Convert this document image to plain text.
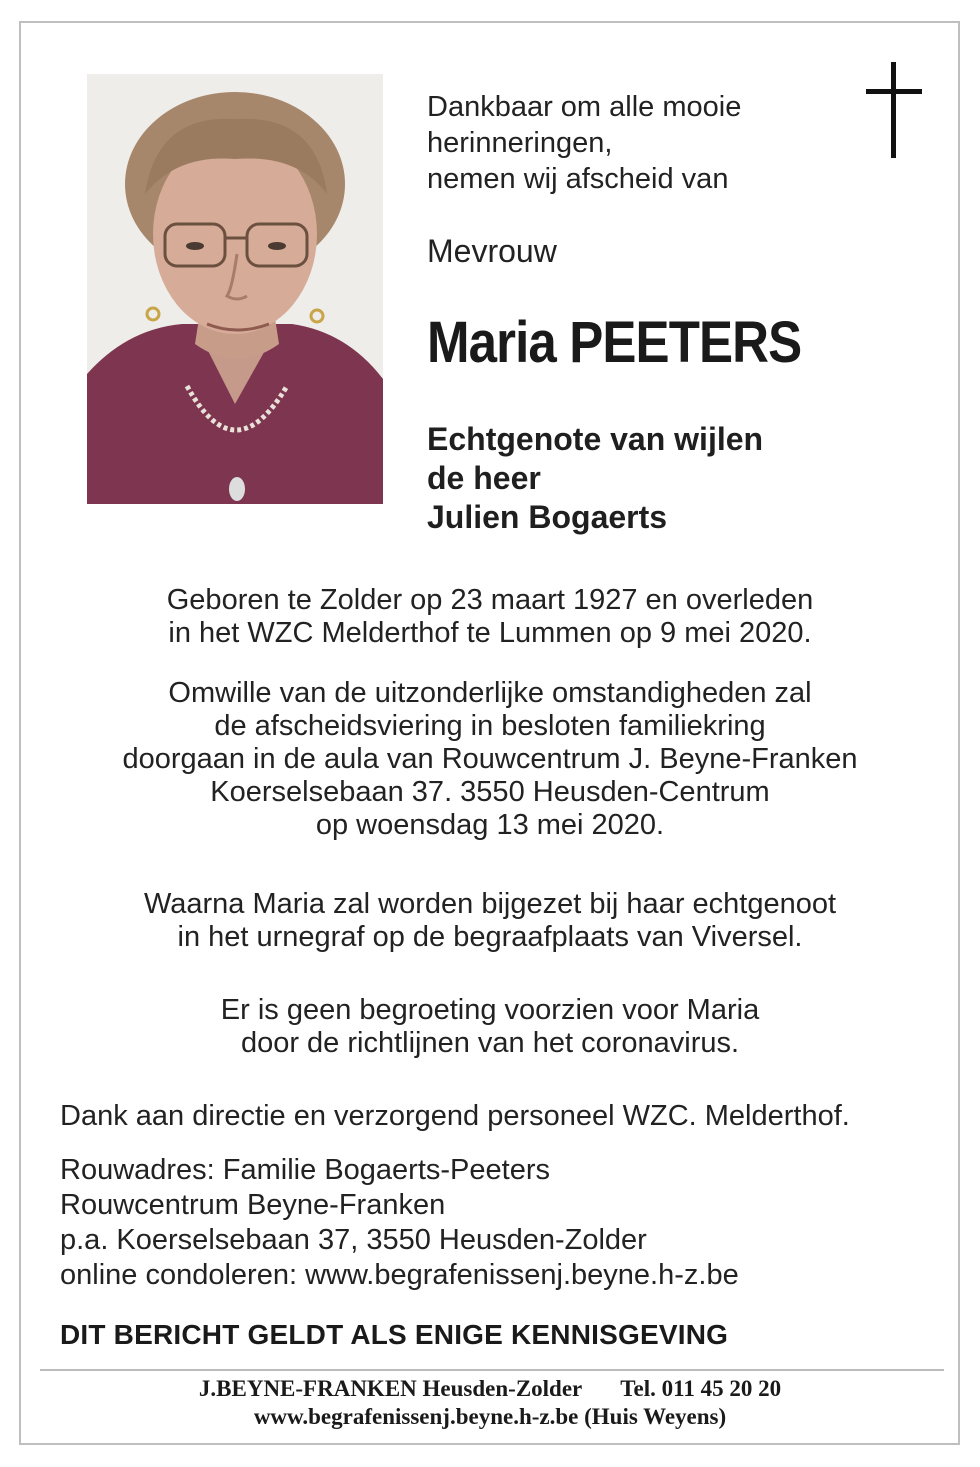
Dankbaar om alle mooie
herinneringen,
nemen wij afscheid van
Mevrouw
Maria PEETERS
Echtgenote van wijlen
de heer
Julien Bogaerts
Geboren te Zolder op 23 maart 1927 en overleden
in het WZC Melderthof te Lummen op 9 mei 2020.
Omwille van de uitzonderlijke omstandigheden zal
de afscheidsviering in besloten familiekring
doorgaan in de aula van Rouwcentrum J. Beyne-Franken
Koerselsebaan 37. 3550 Heusden-Centrum
op woensdag 13 mei 2020.
Waarna Maria zal worden bijgezet bij haar echtgenoot
in het urnegraf op de begraafplaats van Viversel.
Er is geen begroeting voorzien voor Maria
door de richtlijnen van het coronavirus.
Dank aan directie en verzorgend personeel WZC. Melderthof.
Rouwadres: Familie Bogaerts-Peeters
Rouwcentrum Beyne-Franken
p.a. Koerselsebaan 37, 3550 Heusden-Zolder
online condoleren: www.begrafenissenj.beyne.h-z.be
DIT BERICHT GELDT ALS ENIGE KENNISGEVING
J.BEYNE-FRANKEN Heusden-Zolder Tel. 011 45 20 20
www.begrafenissenj.beyne.h-z.be (Huis Weyens)
